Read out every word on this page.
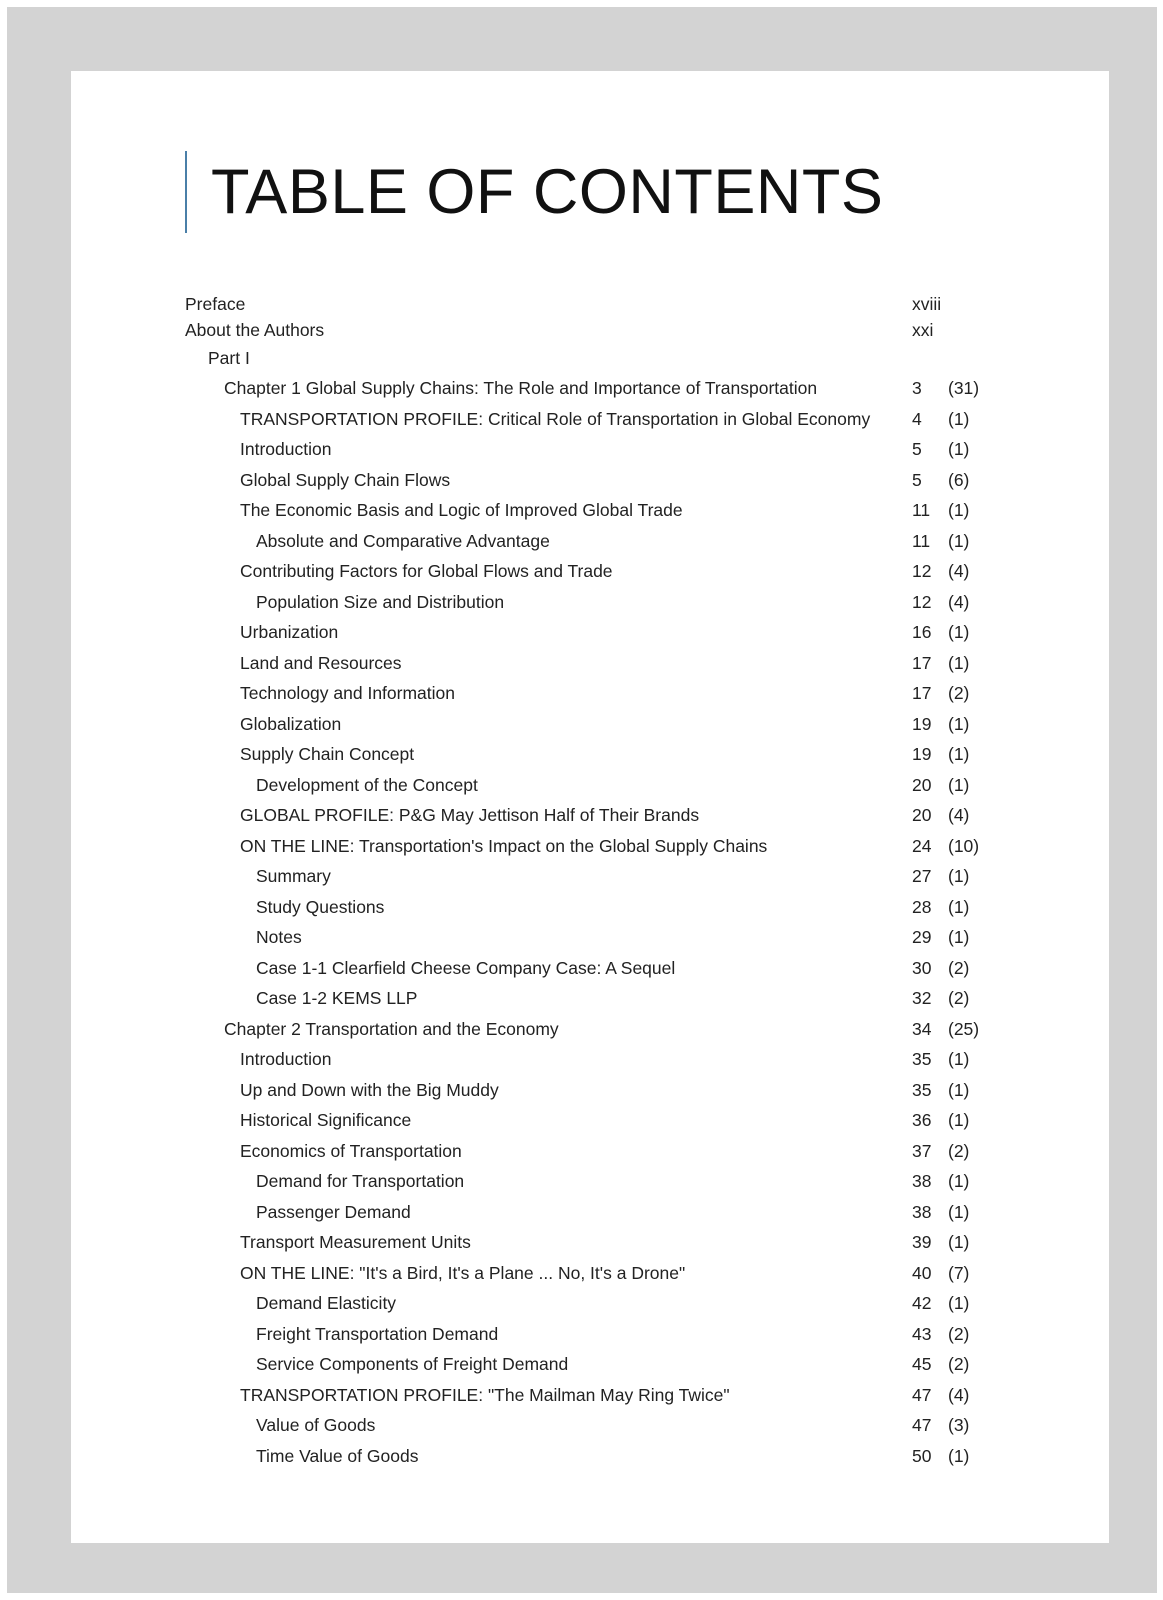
TABLE OF CONTENTS
Preface	xviii
About the Authors	xxi
Part I
Chapter 1 Global Supply Chains: The Role and Importance of Transportation	3 (31)
TRANSPORTATION PROFILE: Critical Role of Transportation in Global Economy 4 (1)
Introduction	5 (1)
Global Supply Chain Flows	5 (6)
The Economic Basis and Logic of Improved Global Trade	11 (1)
Absolute and Comparative Advantage	11 (1)
Contributing Factors for Global Flows and Trade	12 (4)
Population Size and Distribution	12 (4)
Urbanization	16 (1)
Land and Resources	17 (1)
Technology and Information	17 (2)
Globalization	19 (1)
Supply Chain Concept	19 (1)
Development of the Concept	20 (1)
GLOBAL PROFILE: P&G May Jettison Half of Their Brands	20 (4)
ON THE LINE: Transportation's Impact on the Global Supply Chains	24 (10)
Summary	27 (1)
Study Questions	28 (1)
Notes	29 (1)
Case 1-1 Clearfield Cheese Company Case: A Sequel	30 (2)
Case 1-2 KEMS LLP	32 (2)
Chapter 2 Transportation and the Economy	34 (25)
Introduction	35 (1)
Up and Down with the Big Muddy	35 (1)
Historical Significance	36 (1)
Economics of Transportation	37 (2)
Demand for Transportation	38 (1)
Passenger Demand	38 (1)
Transport Measurement Units	39 (1)
ON THE LINE: "It's a Bird, It's a Plane ... No, It's a Drone"	40 (7)
Demand Elasticity	42 (1)
Freight Transportation Demand	43 (2)
Service Components of Freight Demand	45 (2)
TRANSPORTATION PROFILE: "The Mailman May Ring Twice"	47 (4)
Value of Goods	47 (3)
Time Value of Goods	50 (1)
